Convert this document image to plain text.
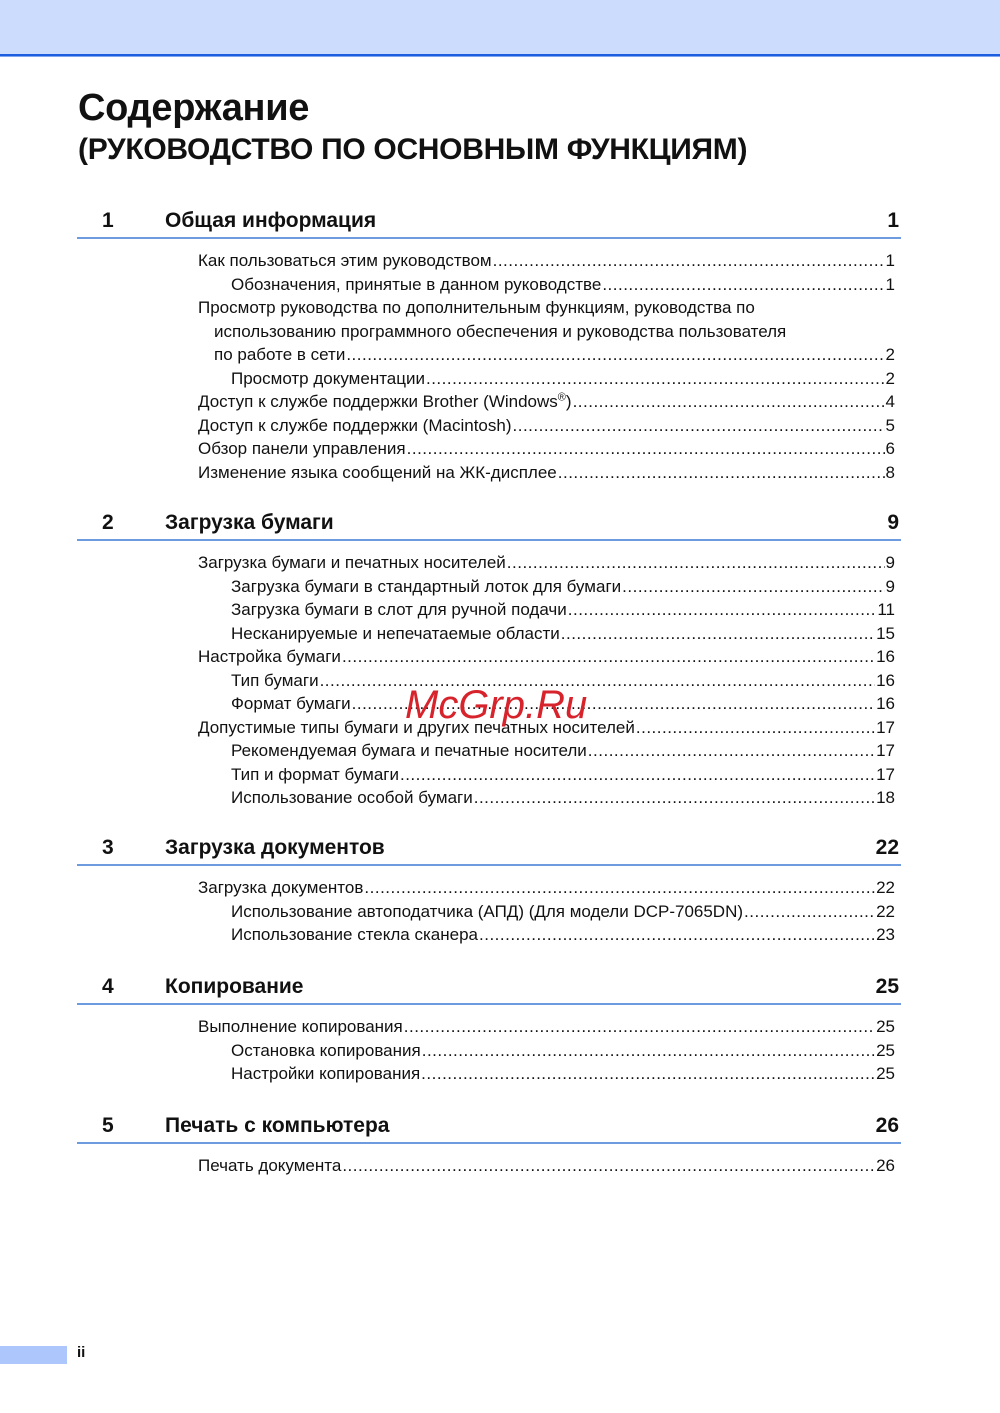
Содержание
(РУКОВОДСТВО ПО ОСНОВНЫМ ФУНКЦИЯМ)
1 Общая информация	1
Как пользоваться этим руководством .....	1
Обозначения, принятые в данном руководстве .....	1
Просмотр руководства по дополнительным функциям, руководства по
использованию программного обеспечения и руководства пользователя
по работе в сети .....	2
Просмотр документации .....	2
Доступ к службе поддержки Brother (Windows®) .....	4
Доступ к службе поддержки (Macintosh) .....	5
Обзор панели управления .....	6
Изменение языка сообщений на ЖК-дисплее .....	8
2 Загрузка бумаги	9
Загрузка бумаги и печатных носителей .....	9
Загрузка бумаги в стандартный лоток для бумаги .....	9
Загрузка бумаги в слот для ручной подачи .....	11
Несканируемые и непечатаемые области .....	15
Настройка бумаги .....	16
Тип бумаги .....	16
Формат бумаги .....	16
Допустимые типы бумаги и других печатных носителей .....	17
Рекомендуемая бумага и печатные носители .....	17
Тип и формат бумаги .....	17
Использование особой бумаги .....	18
3 Загрузка документов	22
Загрузка документов .....	22
Использование автоподатчика (АПД) (Для модели DCP-7065DN) .....	22
Использование стекла сканера .....	23
4 Копирование	25
Выполнение копирования .....	25
Остановка копирования .....	25
Настройки копирования .....	25
5 Печать с компьютера	26
Печать документа .....	26
McGrp.Ru
ii
